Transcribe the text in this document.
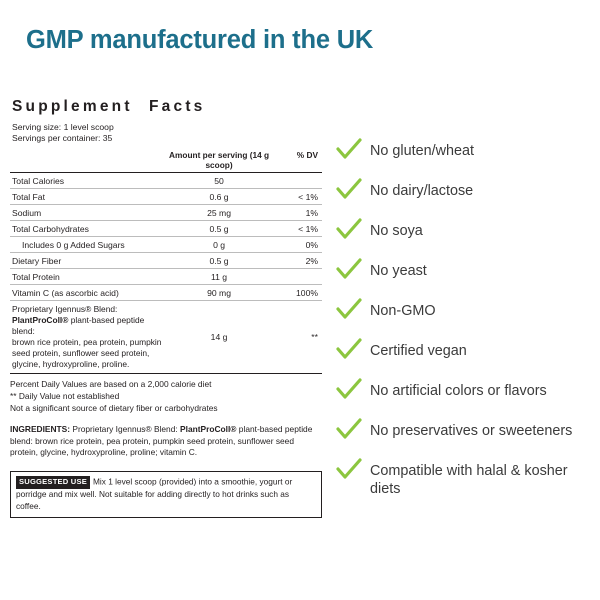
GMP manufactured in the UK
Supplement Facts
Serving size: 1 level scoop
Servings per container: 35
	Amount per serving (14 g scoop)	% DV
Total Calories	50	
Total Fat	0.6 g	< 1%
Sodium	25 mg	1%
Total Carbohydrates	0.5 g	< 1%
Includes 0 g Added Sugars	0 g	0%
Dietary Fiber	0.5 g	2%
Total Protein	11 g	
Vitamin C (as ascorbic acid)	90 mg	100%

Proprietary Igennus® Blend:
PlantProColl® plant-based peptide blend:
brown rice protein, pea protein, pumpkin
seed protein, sunflower seed protein,
glycine, hydroxyproline, proline.	14 g	**
Percent Daily Values are based on a 2,000 calorie diet
** Daily Value not established
Not a significant source of dietary fiber or carbohydrates
INGREDIENTS: Proprietary Igennus® Blend: PlantProColl® plant-based peptide blend: brown rice protein, pea protein, pumpkin seed protein, sunflower seed protein, glycine, hydroxyproline, proline; vitamin C.
SUGGESTED USE Mix 1 level scoop (provided) into a smoothie, yogurt or porridge and mix well. Not suitable for adding directly to hot drinks such as coffee.
No gluten/wheat
No dairy/lactose
No soya
No yeast
Non-GMO
Certified vegan
No artificial colors or flavors
No preservatives or sweeteners
Compatible with halal & kosher diets
